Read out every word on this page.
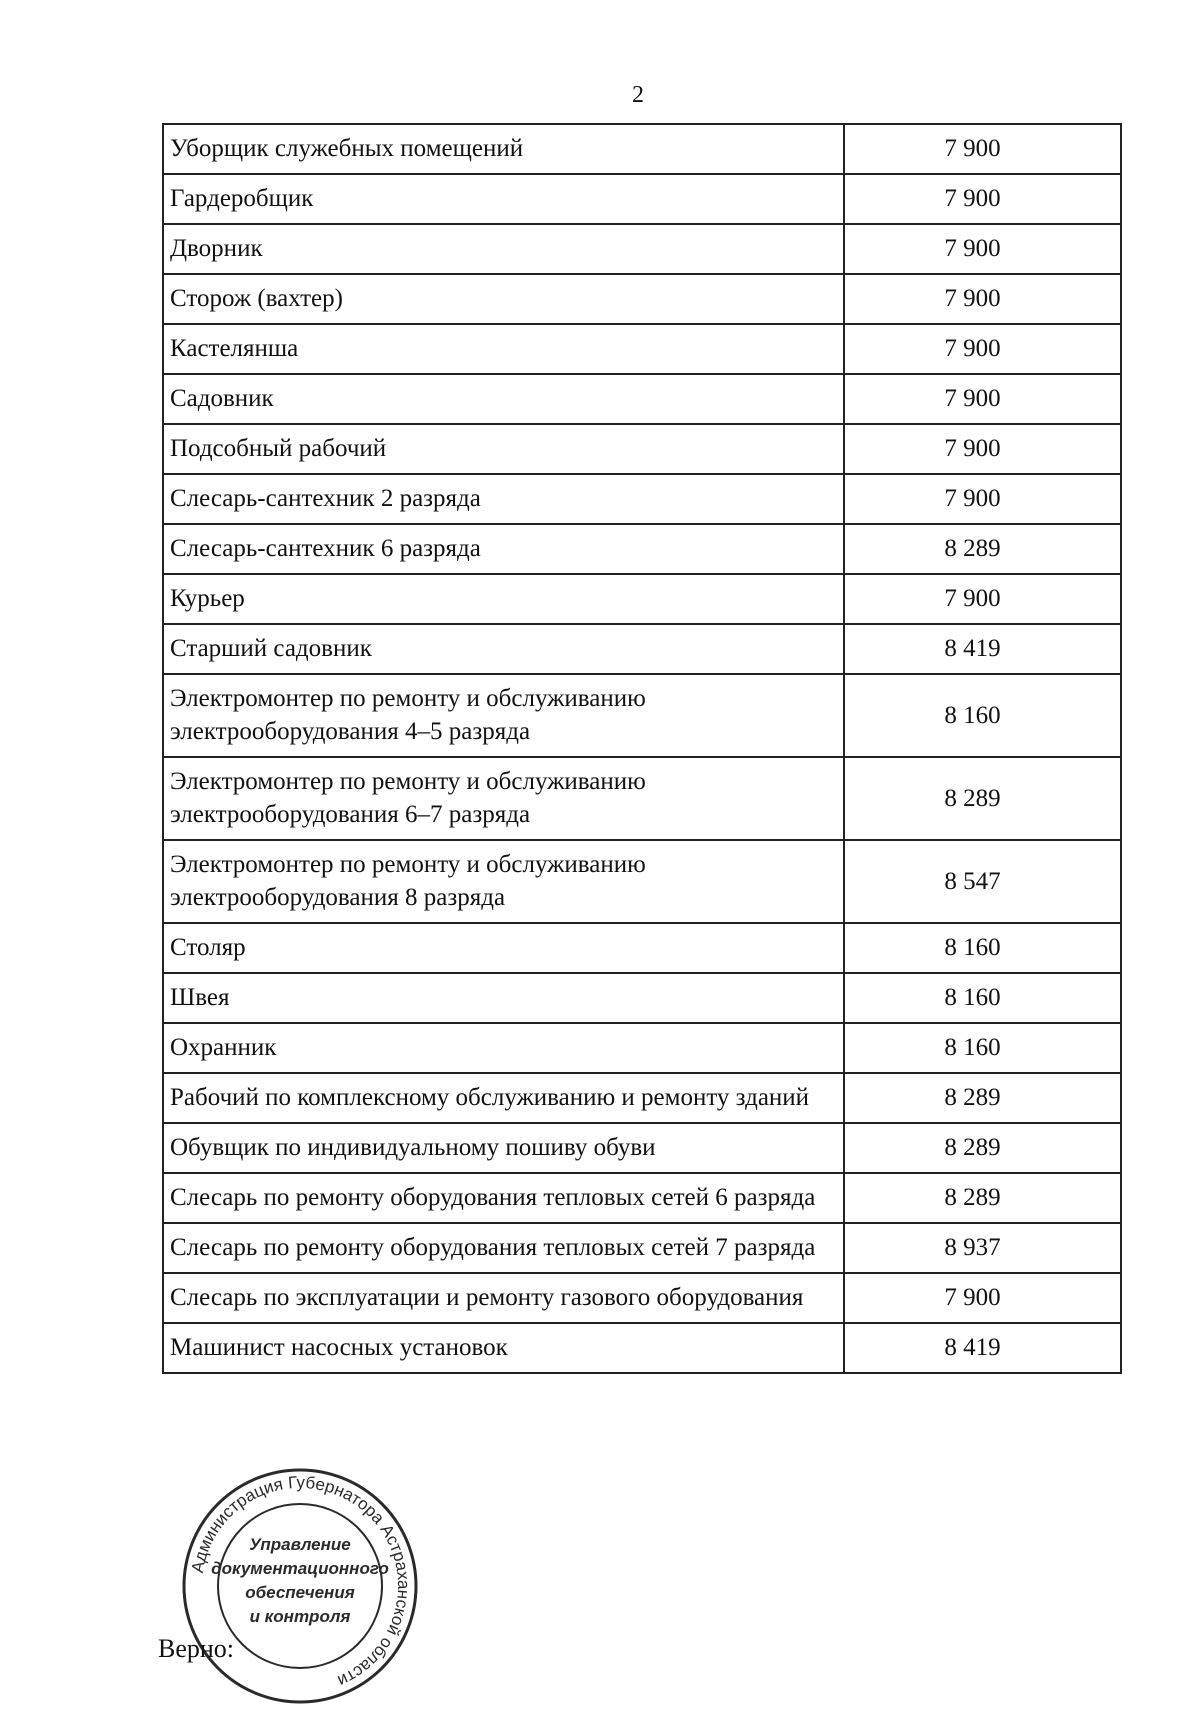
2
Уборщик служебных помещений	7 900
Гардеробщик	7 900
Дворник	7 900
Сторож (вахтер)	7 900
Кастелянша	7 900
Садовник	7 900
Подсобный рабочий	7 900
Слесарь-сантехник 2 разряда	7 900
Слесарь-сантехник 6 разряда	8 289
Курьер	7 900
Старший садовник	8 419
Электромонтер по ремонту и обслуживанию электрооборудования 4–5 разряда	8 160
Электромонтер по ремонту и обслуживанию электрооборудования 6–7 разряда	8 289
Электромонтер по ремонту и обслуживанию электрооборудования 8 разряда	8 547
Столяр	8 160
Швея	8 160
Охранник	8 160
Рабочий по комплексному обслуживанию и ремонту зданий	8 289
Обувщик по индивидуальному пошиву обуви	8 289
Слесарь по ремонту оборудования тепловых сетей 6 разряда	8 289
Слесарь по ремонту оборудования тепловых сетей 7 разряда	8 937
Слесарь по эксплуатации и ремонту газового оборудования	7 900
Машинист насосных установок	8 419
Администрация Губернатора Астраханской области
Управление
документационного
обеспечения
и контроля
Верно:
